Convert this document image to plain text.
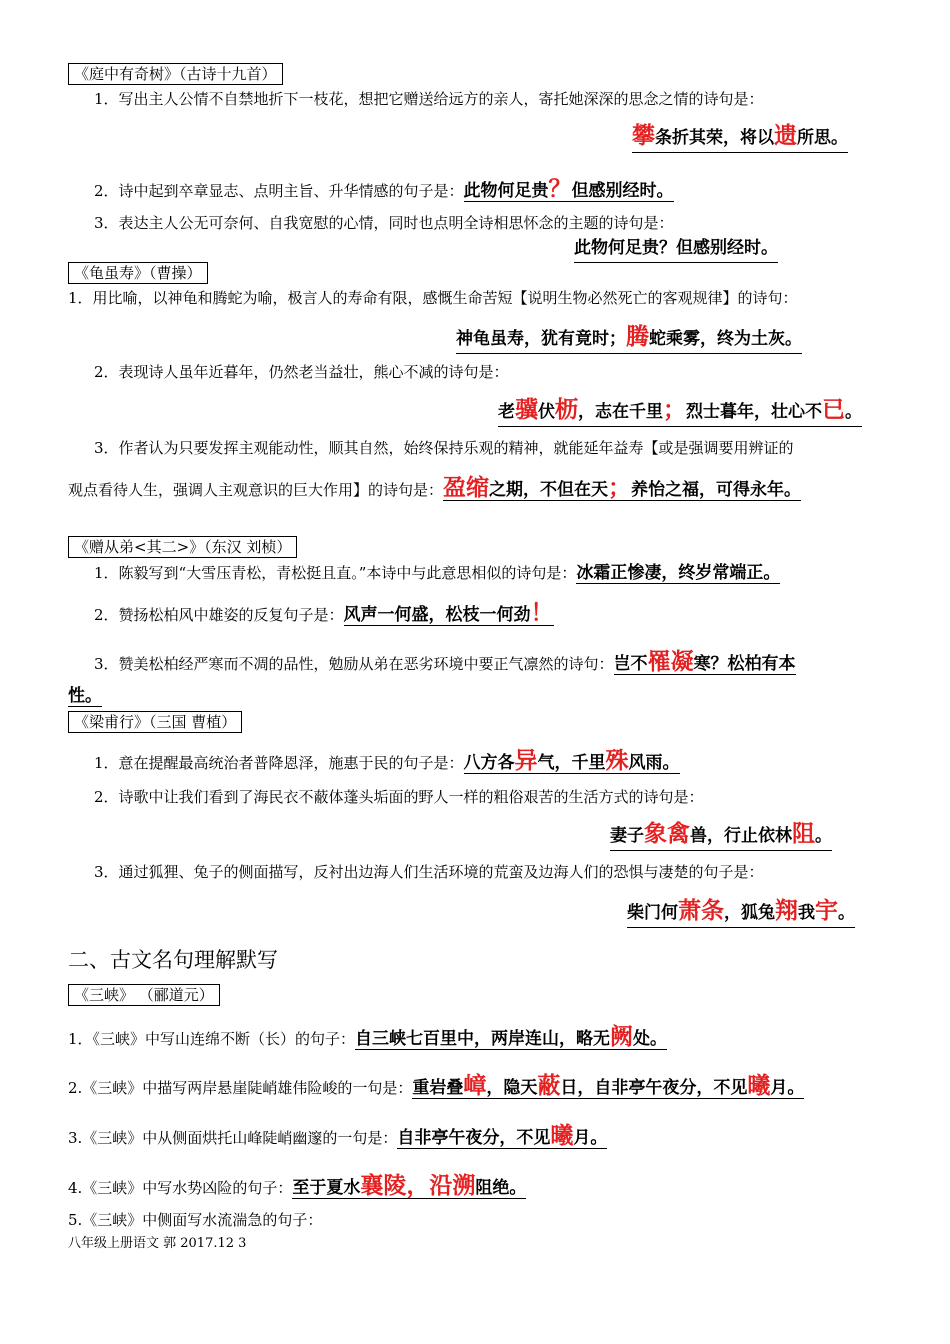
《庭中有奇树》（古诗十九首）
1．写出主人公情不自禁地折下一枝花，想把它赠送给远方的亲人，寄托她深深的思念之情的诗句是：
攀条折其荣，将以遗所思。
2．诗中起到卒章显志、点明主旨、升华情感的句子是：此物何足贵？但感别经时。
3．表达主人公无可奈何、自我宽慰的心情，同时也点明全诗相思怀念的主题的诗句是：
此物何足贵？但感别经时。
《龟虽寿》（曹操）
1．用比喻，以神龟和腾蛇为喻，极言人的寿命有限，感慨生命苦短【说明生物必然死亡的客观规律】的诗句：
神龟虽寿，犹有竟时；腾蛇乘雾，终为土灰。
2．表现诗人虽年近暮年，仍然老当益壮，熊心不减的诗句是：
老骥伏枥，志在千里；烈士暮年，壮心不已。
3．作者认为只要发挥主观能动性，顺其自然，始终保持乐观的精神，就能延年益寿【或是强调要用辨证的
观点看待人生，强调人主观意识的巨大作用】的诗句是：盈缩之期，不但在天；养怡之福，可得永年。
《赠从弟<其二>》（东汉 刘桢）
1．陈毅写到“大雪压青松，青松挺且直。”本诗中与此意思相似的诗句是：冰霜正惨凄，终岁常端正。
2．赞扬松柏风中雄姿的反复句子是：风声一何盛，松枝一何劲！
3．赞美松柏经严寒而不凋的品性，勉励从弟在恶劣环境中要正气凛然的诗句：岂不罹凝寒？松柏有本
性。
《梁甫行》（三国 曹植）
1．意在提醒最高统治者普降恩泽，施惠于民的句子是：八方各异气，千里殊风雨。
2．诗歌中让我们看到了海民衣不蔽体蓬头垢面的野人一样的粗俗艰苦的生活方式的诗句是：
妻子象禽兽，行止依林阻。
3．通过狐狸、兔子的侧面描写，反衬出边海人们生活环境的荒蛮及边海人们的恐惧与凄楚的句子是：
柴门何萧条，狐兔翔我宇。
二、古文名句理解默写
《三峡》 （郦道元）
1．《三峡》中写山连绵不断（长）的句子：自三峡七百里中，两岸连山，略无阙处。
2.《三峡》中描写两岸悬崖陡峭雄伟险峻的一句是：重岩叠嶂，隐天蔽日，自非亭午夜分，不见曦月。
3.《三峡》中从侧面烘托山峰陡峭幽邃的一句是：自非亭午夜分，不见曦月。
4.《三峡》中写水势凶险的句子：至于夏水襄陵，沿溯阻绝。
5.《三峡》中侧面写水流湍急的句子：
八年级上册语文 郭 2017.12 3
